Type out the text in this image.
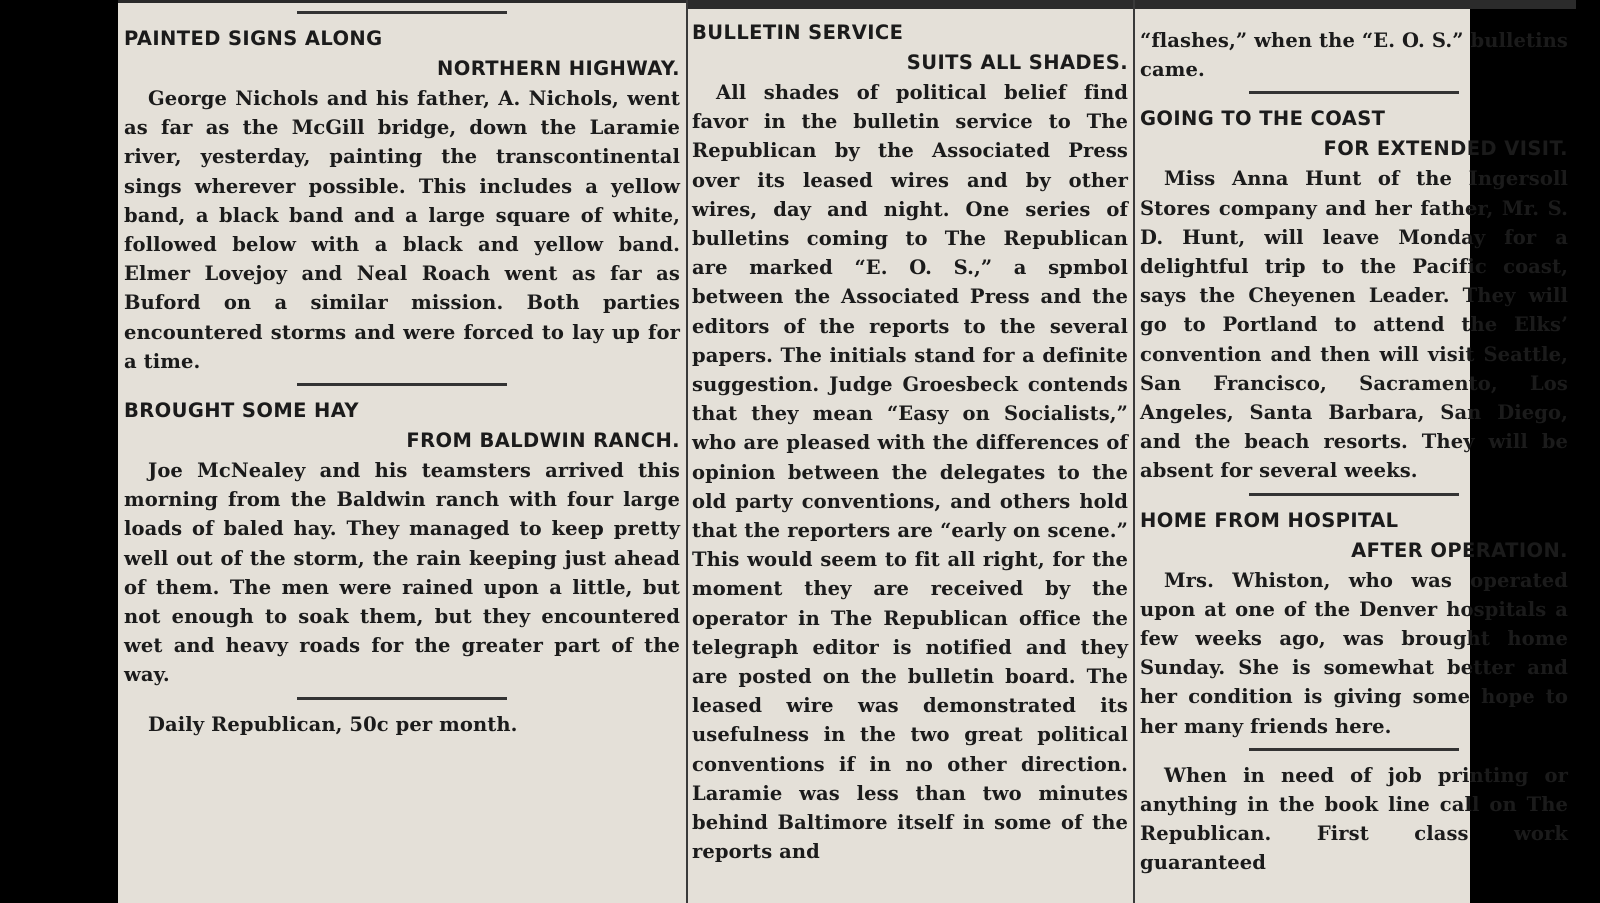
PAINTED SIGNS ALONG
NORTHERN HIGHWAY.

George Nichols and his father, A. Nichols, went as far as the McGill bridge, down the Laramie river, yesterday, painting the transcontinental sings wherever possible. This includes a yellow band, a black band and a large square of white, followed below with a black and yellow band. Elmer Lovejoy and Neal Roach went as far as Buford on a similar mission. Both parties encountered storms and were forced to lay up for a time.

BROUGHT SOME HAY
FROM BALDWIN RANCH.

Joe McNealey and his teamsters arrived this morning from the Baldwin ranch with four large loads of baled hay. They managed to keep pretty well out of the storm, the rain keeping just ahead of them. The men were rained upon a little, but not enough to soak them, but they encountered wet and heavy roads for the greater part of the way.

Daily Republican, 50c per month.

BULLETIN SERVICE
SUITS ALL SHADES.

All shades of political belief find favor in the bulletin service to The Republican by the Associated Press over its leased wires and by other wires, day and night. One series of bulletins coming to The Republican are marked “E. O. S.,” a spmbol between the Associated Press and the editors of the reports to the several papers. The initials stand for a definite suggestion. Judge Groesbeck contends that they mean “Easy on Socialists,” who are pleased with the differences of opinion between the delegates to the old party conventions, and others hold that the reporters are “early on scene.” This would seem to fit all right, for the moment they are received by the operator in The Republican office the telegraph editor is notified and they are posted on the bulletin board. The leased wire was demonstrated its usefulness in the two great political conventions if in no other direction. Laramie was less than two minutes behind Baltimore itself in some of the reports and

“flashes,” when the “E. O. S.” bulletins came.

GOING TO THE COAST
FOR EXTENDED VISIT.

Miss Anna Hunt of the Ingersoll Stores company and her father, Mr. S. D. Hunt, will leave Monday for a delightful trip to the Pacific coast, says the Cheyenen Leader. They will go to Portland to attend the Elks’ convention and then will visit Seattle, San Francisco, Sacramento, Los Angeles, Santa Barbara, San Diego, and the beach resorts. They will be absent for several weeks.

HOME FROM HOSPITAL
AFTER OPERATION.

Mrs. Whiston, who was operated upon at one of the Denver hospitals a few weeks ago, was brought home Sunday. She is somewhat better and her condition is giving some hope to her many friends here.

When in need of job printing or anything in the book line call on The Republican. First class work guaranteed
